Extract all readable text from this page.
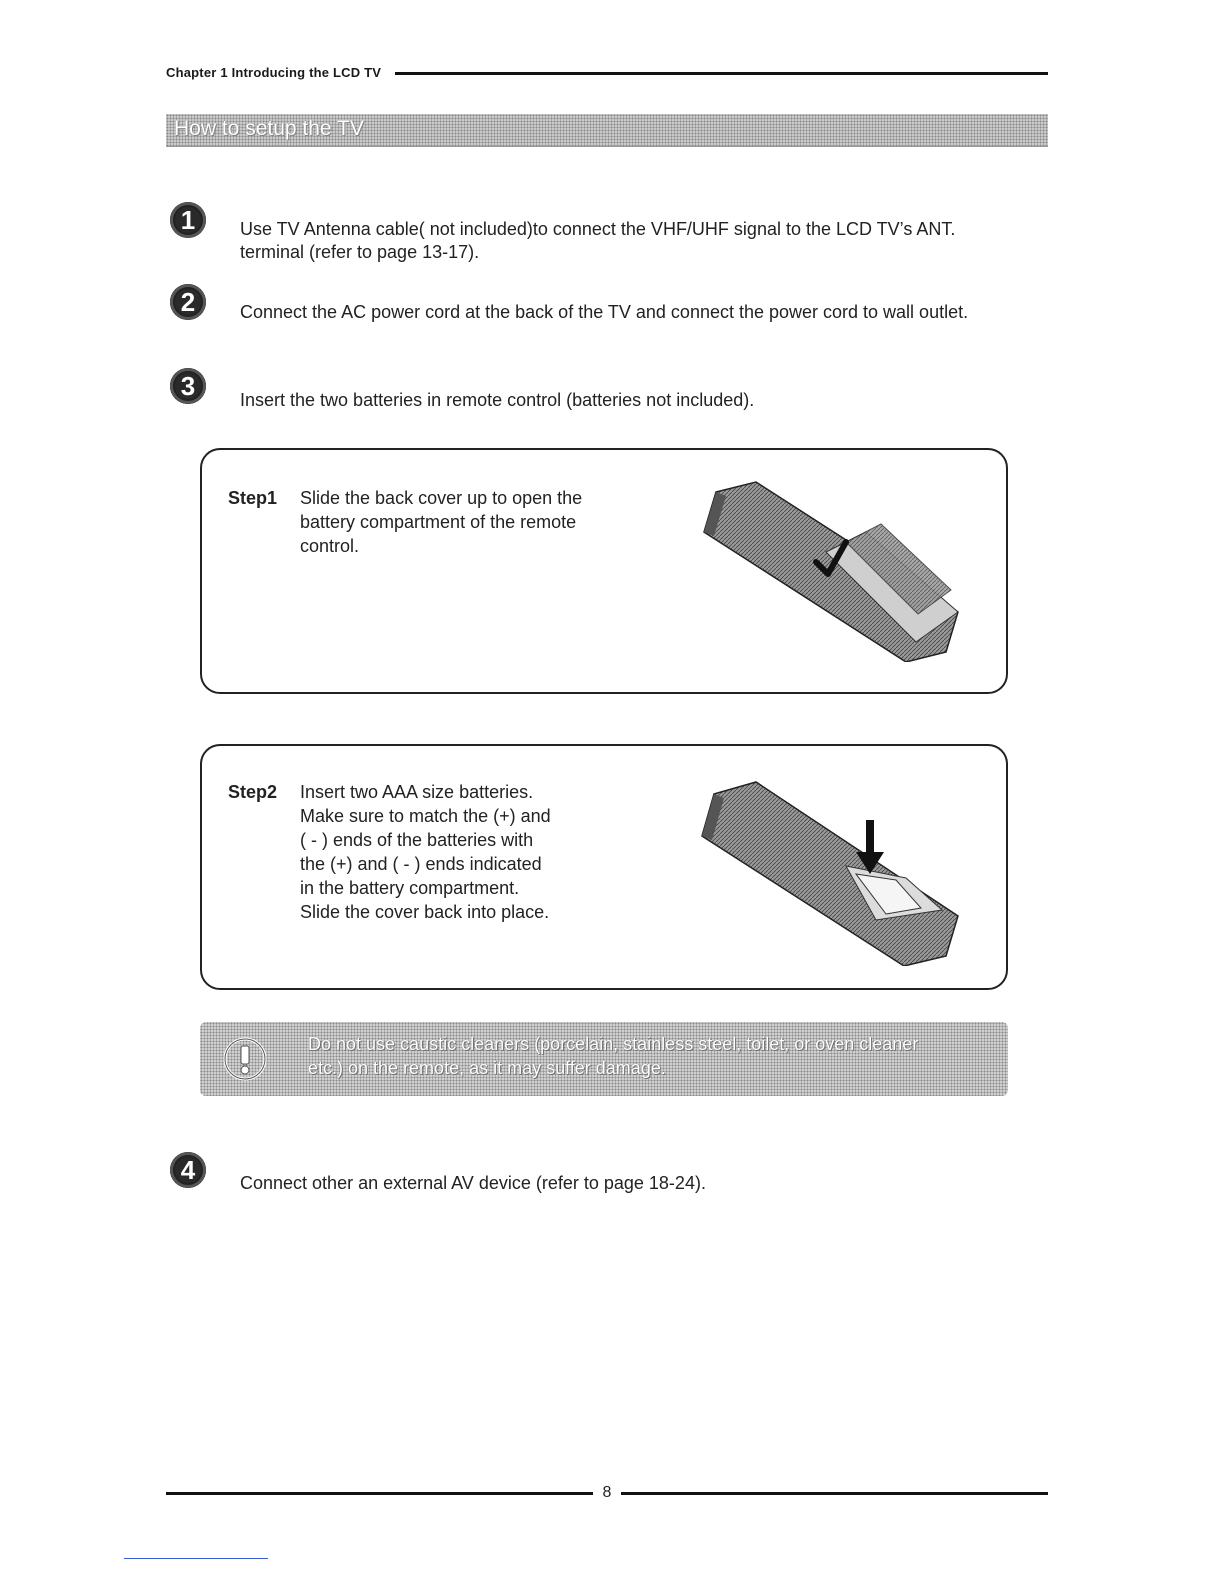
Chapter 1 Introducing the LCD TV
How to setup the TV
1	Use TV Antenna cable( not included)to connect the VHF/UHF signal to the LCD TV’s ANT.
terminal (refer to page 13-17).
2	Connect the AC power cord at the back of the TV and connect the power cord to wall outlet.
3	Insert the two batteries in remote control (batteries not included).
Step1 Slide the back cover up to open the
battery compartment of the remote
control.
Step2 Insert two AAA size batteries.
Make sure to match the (+) and
( - ) ends of the batteries with
the (+) and ( - ) ends indicated
in the battery compartment.
Slide the cover back into place.
Do not use caustic cleaners (porcelain, stainless steel, toilet, or oven cleaner
etc.) on the remote, as it may suffer damage.
4	Connect other an external AV device (refer to page 18-24).
8
